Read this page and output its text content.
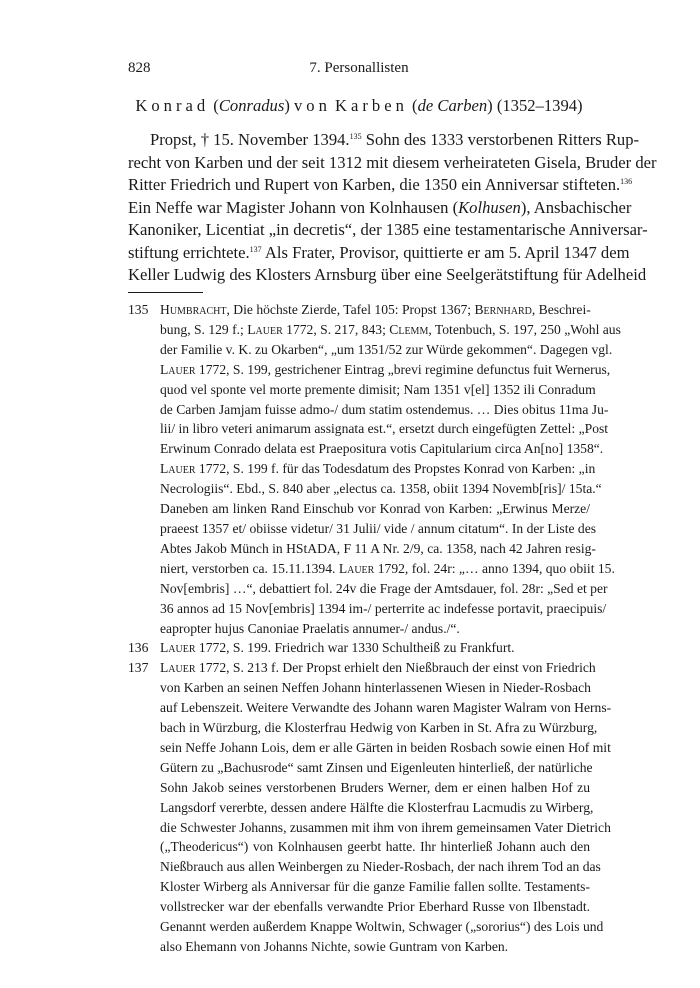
828	7. Personallisten
Konrad (Conradus) von Karben (de Carben) (1352–1394)
Propst, † 15. November 1394.$^{135}$ Sohn des 1333 verstorbenen Ritters Rup-
recht von Karben und der seit 1312 mit diesem verheirateten Gisela, Bruder der
Ritter Friedrich und Rupert von Karben, die 1350 ein Anniversar stifteten.$^{136}$
Ein Neffe war Magister Johann von Kolnhausen (Kolhusen), Ansbachischer
Kanoniker, Licentiat „in decretis“, der 1385 eine testamentarische Anniversar-
stiftung errichtete.$^{137}$ Als Frater, Provisor, quittierte er am 5. April 1347 dem
Keller Ludwig des Klosters Arnsburg über eine Seelgerätstiftung für Adelheid
135 Humbracht, Die höchste Zierde, Tafel 105: Propst 1367; Bernhard, Beschrei-
bung, S. 129 f.; Lauer 1772, S. 217, 843; Clemm, Totenbuch, S. 197, 250 „Wohl aus
der Familie v. K. zu Okarben“, „um 1351/52 zur Würde gekommen“. Dagegen vgl.
Lauer 1772, S. 199, gestrichener Eintrag „brevi regimine defunctus fuit Wernerus,
quod vel sponte vel morte premente dimisit; Nam 1351 v[el] 1352 ili Conradum
de Carben Jamjam fuisse admo-/ dum statim ostendemus. … Dies obitus 11ma Ju-
lii/ in libro veteri animarum assignata est.“, ersetzt durch eingefügten Zettel: „Post
Erwinum Conrado delata est Praepositura votis Capitularium circa An[no] 1358“.
Lauer 1772, S. 199 f. für das Todesdatum des Propstes Konrad von Karben: „in
Necrologiis“. Ebd., S. 840 aber „electus ca. 1358, obiit 1394 Novemb[ris]/ 15ta.“
Daneben am linken Rand Einschub vor Konrad von Karben: „Erwinus Merze/
praeest 1357 et/ obiisse videtur/ 31 Julii/ vide / annum citatum“. In der Liste des
Abtes Jakob Münch in HStADA, F 11 A Nr. 2/9, ca. 1358, nach 42 Jahren resig-
niert, verstorben ca. 15.11.1394. Lauer 1792, fol. 24r: „… anno 1394, quo obiit 15.
Nov[embris] …“, debattiert fol. 24v die Frage der Amtsdauer, fol. 28r: „Sed et per
36 annos ad 15 Nov[embris] 1394 im-/ perterrite ac indefesse portavit, praecipuis/
eapropter hujus Canoniae Praelatis annumer-/ andus./“.
136 Lauer 1772, S. 199. Friedrich war 1330 Schultheiß zu Frankfurt.
137 Lauer 1772, S. 213 f. Der Propst erhielt den Nießbrauch der einst von Friedrich
von Karben an seinen Neffen Johann hinterlassenen Wiesen in Nieder-Rosbach
auf Lebenszeit. Weitere Verwandte des Johann waren Magister Walram von Herns-
bach in Würzburg, die Klosterfrau Hedwig von Karben in St. Afra zu Würzburg,
sein Neffe Johann Lois, dem er alle Gärten in beiden Rosbach sowie einen Hof mit
Gütern zu „Bachusrode“ samt Zinsen und Eigenleuten hinterließ, der natürliche
Sohn Jakob seines verstorbenen Bruders Werner, dem er einen halben Hof zu
Langsdorf vererbte, dessen andere Hälfte die Klosterfrau Lacmudis zu Wirberg,
die Schwester Johanns, zusammen mit ihm von ihrem gemeinsamen Vater Dietrich
(„Theodericus“) von Kolnhausen geerbt hatte. Ihr hinterließ Johann auch den
Nießbrauch aus allen Weinbergen zu Nieder-Rosbach, der nach ihrem Tod an das
Kloster Wirberg als Anniversar für die ganze Familie fallen sollte. Testaments-
vollstrecker war der ebenfalls verwandte Prior Eberhard Russe von Ilbenstadt.
Genannt werden außerdem Knappe Woltwin, Schwager („sororius“) des Lois und
also Ehemann von Johanns Nichte, sowie Guntram von Karben.
